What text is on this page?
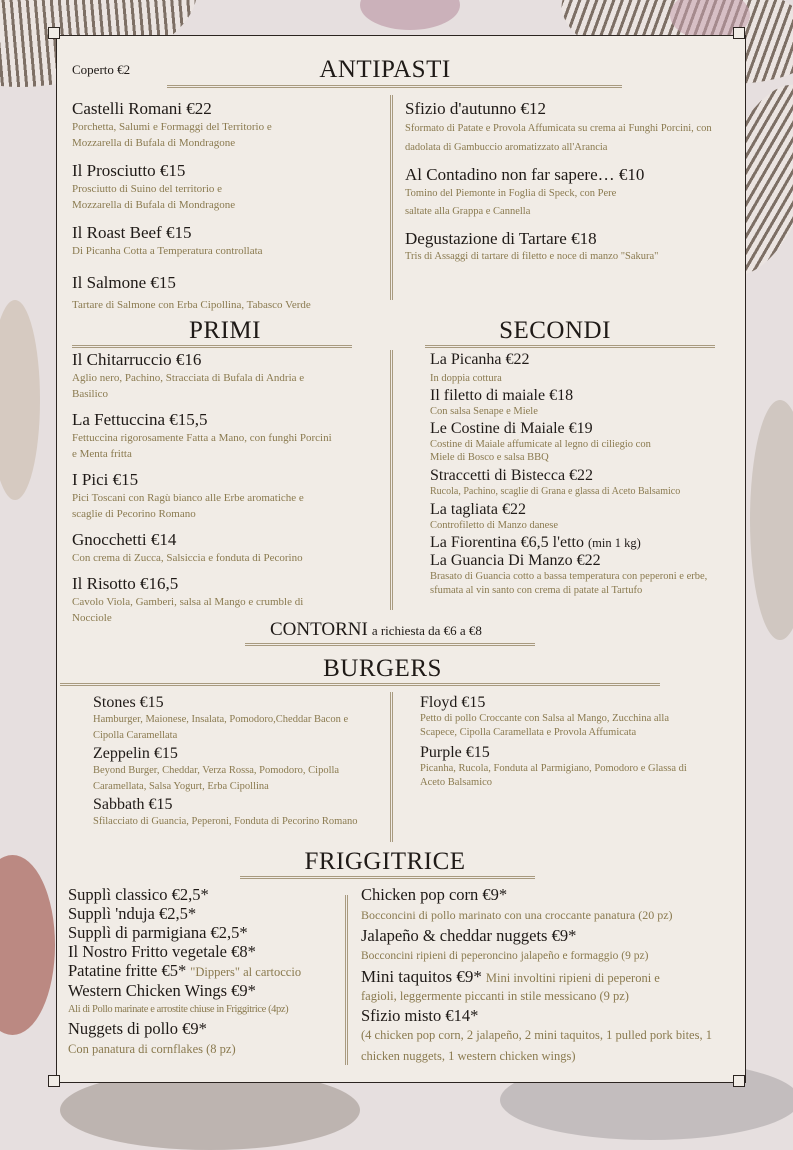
Coperto €2	ANTIPASTI
Castelli Romani €22
Porchetta, Salumi e Formaggi del Territorio e Mozzarella di Bufala di Mondragone
Il Prosciutto €15
Prosciutto di Suino del territorio e Mozzarella di Bufala di Mondragone
Il Roast Beef €15
Di Picanha Cotta a Temperatura controllata
Il Salmone €15
Tartare di Salmone con Erba Cipollina, Tabasco Verde
Sfizio d'autunno €12
Sformato di Patate e Provola Affumicata su crema ai Funghi Porcini, con dadolata di Gambuccio aromatizzato all'Arancia
Al Contadino non far sapere… €10
Tomino del Piemonte in Foglia di Speck, con Pere saltate alla Grappa e Cannella
Degustazione di Tartare €18
Tris di Assaggi di tartare di filetto e noce di manzo "Sakura"
PRIMI
Il Chitarruccio €16
Aglio nero, Pachino, Stracciata di Bufala di Andria e Basilico
La Fettuccina €15,5
Fettuccina rigorosamente Fatta a Mano, con funghi Porcini e Menta fritta
I Pici €15
Pici Toscani con Ragù bianco alle Erbe aromatiche e scaglie di Pecorino Romano
Gnocchetti €14
Con crema di Zucca, Salsiccia e fonduta di Pecorino
Il Risotto €16,5
Cavolo Viola, Gamberi, salsa al Mango e crumble di Nocciole
SECONDI
La Picanha €22
In doppia cottura
Il filetto di maiale €18
Con salsa Senape e Miele
Le Costine di Maiale €19
Costine di Maiale affumicate al legno di ciliegio con Miele di Bosco e salsa BBQ
Straccetti di Bistecca €22
Rucola, Pachino, scaglie di Grana e glassa di Aceto Balsamico
La tagliata €22
Controfiletto di Manzo danese
La Fiorentina €6,5 l'etto (min 1 kg)
La Guancia Di Manzo €22
Brasato di Guancia cotto a bassa temperatura con peperoni e erbe, sfumata al vin santo con crema di patate al Tartufo
CONTORNI a richiesta da €6 a €8
BURGERS
Stones €15
Hamburger, Maionese, Insalata, Pomodoro,Cheddar Bacon e Cipolla Caramellata
Zeppelin €15
Beyond Burger, Cheddar, Verza Rossa, Pomodoro, Cipolla Caramellata, Salsa Yogurt, Erba Cipollina
Sabbath €15
Sfilacciato di Guancia, Peperoni, Fonduta di Pecorino Romano
Floyd €15
Petto di pollo Croccante con Salsa al Mango, Zucchina alla Scapece, Cipolla Caramellata e Provola Affumicata
Purple €15
Picanha, Rucola, Fonduta al Parmigiano, Pomodoro e Glassa di Aceto Balsamico
FRIGGITRICE
Supplì classico €2,5*
Supplì 'nduja €2,5*
Supplì di parmigiana €2,5*
Il Nostro Fritto vegetale €8*
Patatine fritte €5* "Dippers" al cartoccio
Western Chicken Wings €9*
Ali di Pollo marinate e arrostite chiuse in Friggitrice (4pz)
Nuggets di pollo €9*
Con panatura di cornflakes (8 pz)
Chicken pop corn €9*
Bocconcini di pollo marinato con una croccante panatura (20 pz)
Jalapeño & cheddar nuggets €9*
Bocconcini ripieni di peperoncino jalapeño e formaggio (9 pz)
Mini taquitos €9* Mini involtini ripieni di peperoni e
fagioli, leggermente piccanti in stile messicano (9 pz)
Sfizio misto €14*
(4 chicken pop corn, 2 jalapeño, 2 mini taquitos, 1 pulled pork bites, 1 chicken nuggets, 1 western chicken wings)
